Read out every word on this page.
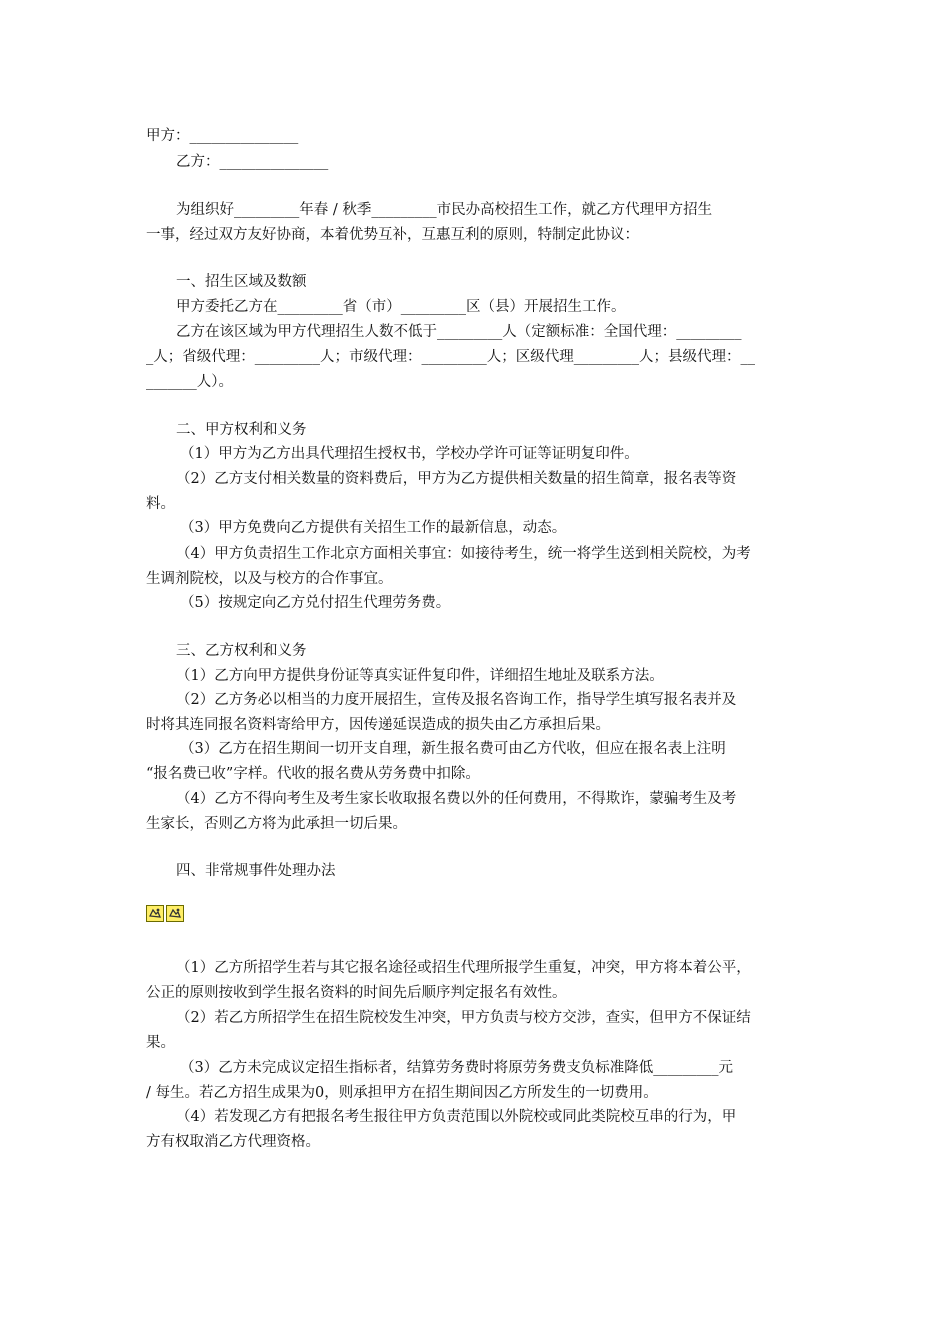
甲方：_______________
乙方：_______________
为组织好_________年春 / 秋季_________市民办高校招生工作，就乙方代理甲方招生
一事，经过双方友好协商，本着优势互补，互惠互利的原则，特制定此协议：
一、招生区域及数额
甲方委托乙方在_________省（市）_________区（县）开展招生工作。
乙方在该区域为甲方代理招生人数不低于_________人（定额标准：全国代理：_________
_人；省级代理：_________人；市级代理：_________人；区级代理_________人；县级代理：__
_______人）。
二、甲方权利和义务
（1）甲方为乙方出具代理招生授权书，学校办学许可证等证明复印件。
（2）乙方支付相关数量的资料费后，甲方为乙方提供相关数量的招生简章，报名表等资
料。
（3）甲方免费向乙方提供有关招生工作的最新信息，动态。
（4）甲方负责招生工作北京方面相关事宜：如接待考生，统一将学生送到相关院校，为考
生调剂院校，以及与校方的合作事宜。
（5）按规定向乙方兑付招生代理劳务费。
三、乙方权利和义务
（1）乙方向甲方提供身份证等真实证件复印件，详细招生地址及联系方法。
（2）乙方务必以相当的力度开展招生，宣传及报名咨询工作，指导学生填写报名表并及
时将其连同报名资料寄给甲方，因传递延误造成的损失由乙方承担后果。
（3）乙方在招生期间一切开支自理，新生报名费可由乙方代收，但应在报名表上注明
“报名费已收”字样。代收的报名费从劳务费中扣除。
（4）乙方不得向考生及考生家长收取报名费以外的任何费用，不得欺诈，蒙骗考生及考
生家长，否则乙方将为此承担一切后果。
四、非常规事件处理办法
（1）乙方所招学生若与其它报名途径或招生代理所报学生重复，冲突，甲方将本着公平，
公正的原则按收到学生报名资料的时间先后顺序判定报名有效性。
（2）若乙方所招学生在招生院校发生冲突，甲方负责与校方交涉，查实，但甲方不保证结
果。
（3）乙方未完成议定招生指标者，结算劳务费时将原劳务费支负标准降低_________元
/ 每生。若乙方招生成果为0，则承担甲方在招生期间因乙方所发生的一切费用。
（4）若发现乙方有把报名考生报往甲方负责范围以外院校或同此类院校互串的行为，甲
方有权取消乙方代理资格。
